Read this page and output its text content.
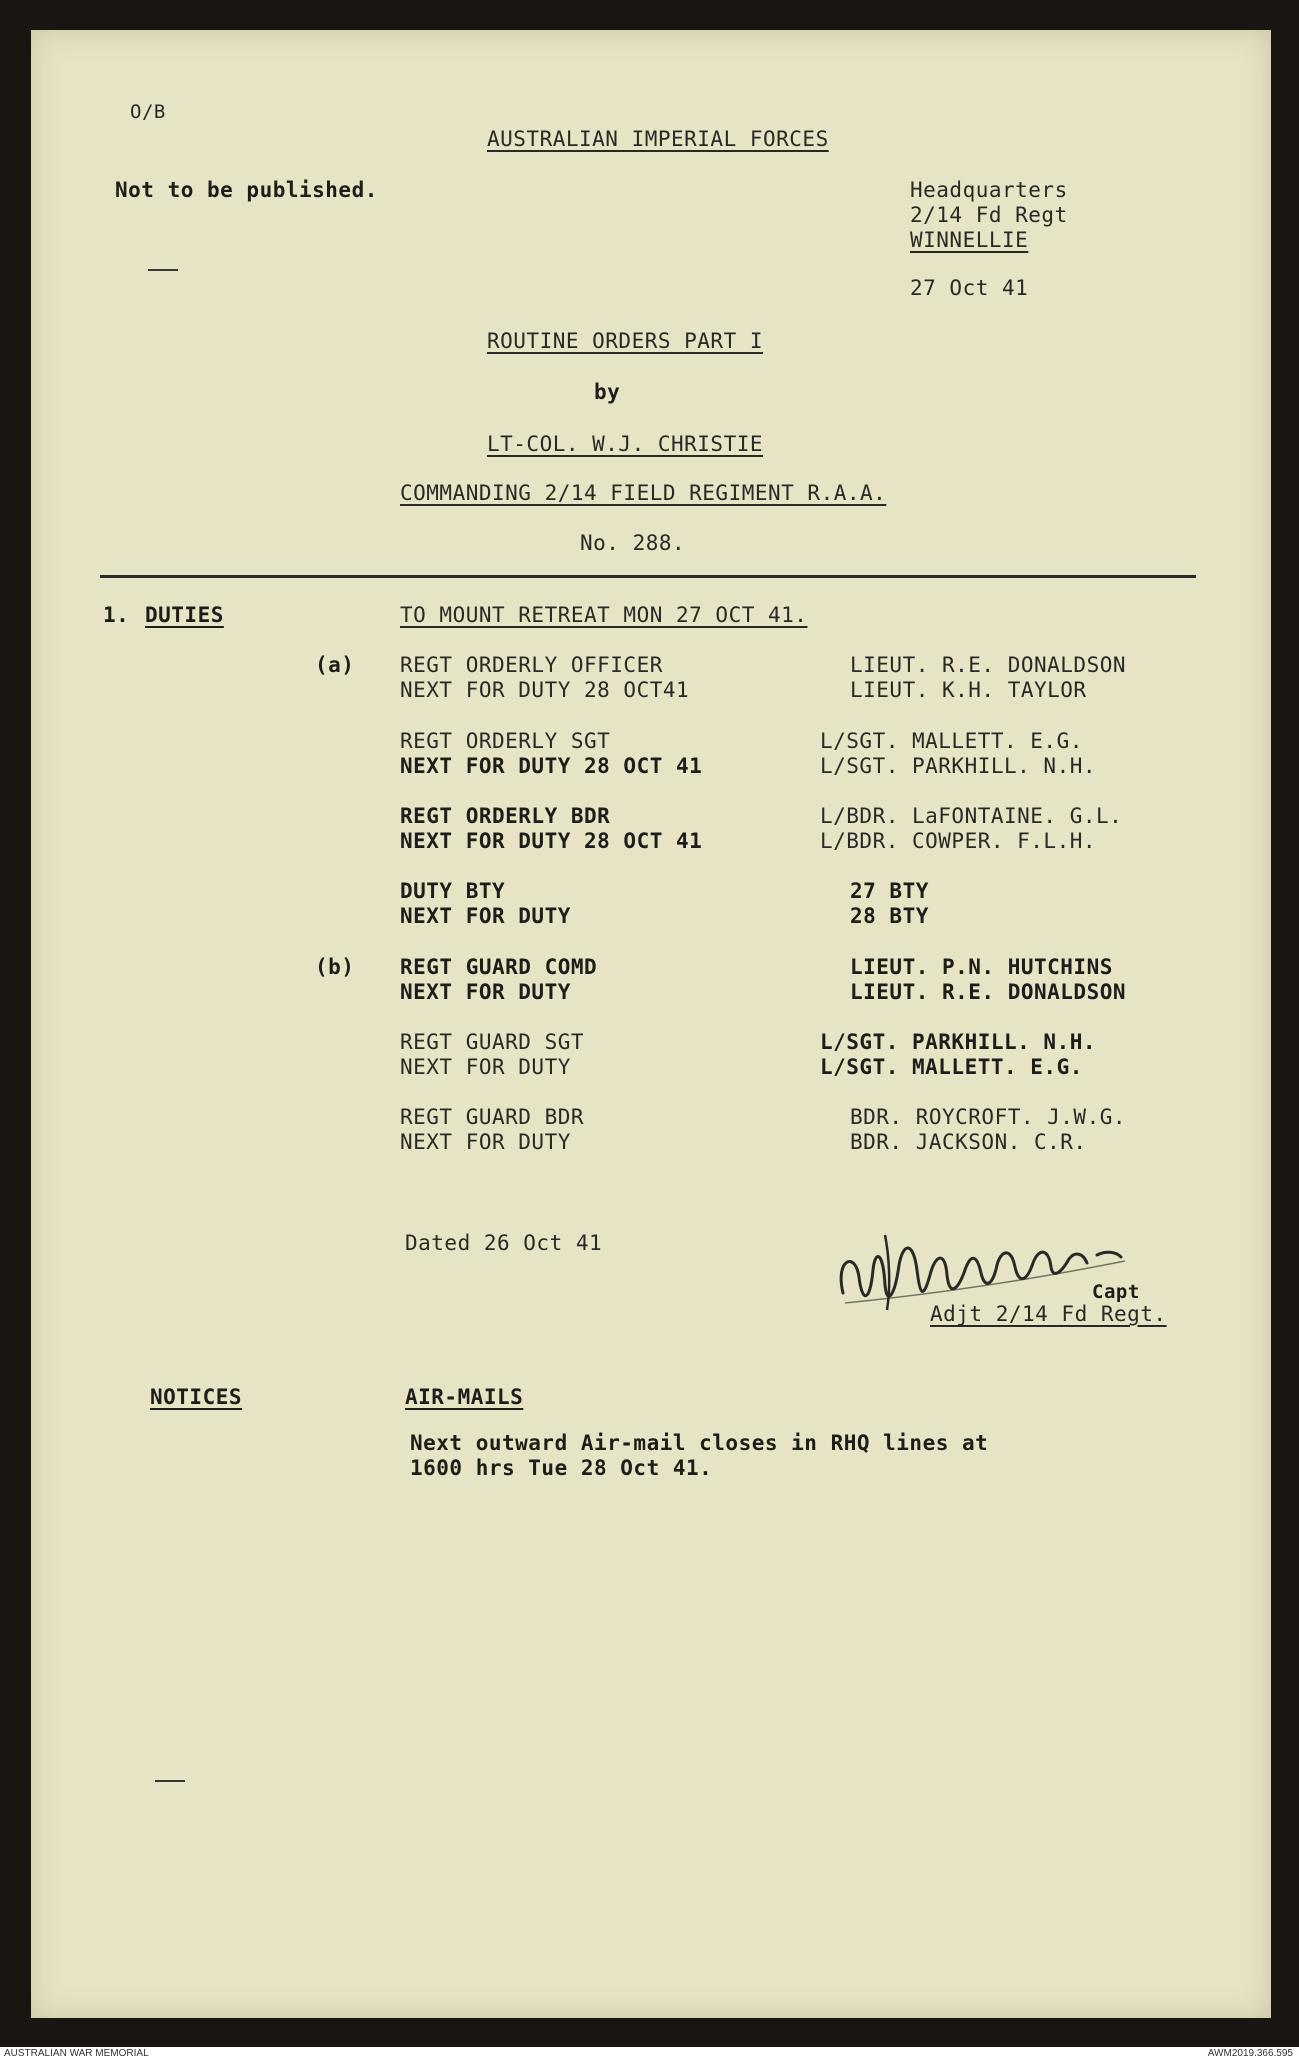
O/B
AUSTRALIAN IMPERIAL FORCES
Not to be published.	Headquarters
2/14 Fd Regt
WINNELLIE
27 Oct 41
ROUTINE ORDERS PART I
by
LT-COL. W.J. CHRISTIE
COMMANDING 2/14 FIELD REGIMENT R.A.A.
No. 288.
1. DUTIES	TO MOUNT RETREAT MON 27 OCT 41.
(a) REGT ORDERLY OFFICER	LIEUT. R.E. DONALDSON
NEXT FOR DUTY 28 OCT41	LIEUT. K.H. TAYLOR
REGT ORDERLY SGT	L/SGT. MALLETT. E.G.
NEXT FOR DUTY 28 OCT 41	L/SGT. PARKHILL. N.H.
REGT ORDERLY BDR	L/BDR. LaFONTAINE. G.L.
NEXT FOR DUTY 28 OCT 41	L/BDR. COWPER. F.L.H.
DUTY BTY	27 BTY
NEXT FOR DUTY	28 BTY
(b) REGT GUARD COMD	LIEUT. P.N. HUTCHINS
NEXT FOR DUTY	LIEUT. R.E. DONALDSON
REGT GUARD SGT	L/SGT. PARKHILL. N.H.
NEXT FOR DUTY	L/SGT. MALLETT. E.G.
REGT GUARD BDR	BDR. ROYCROFT. J.W.G.
NEXT FOR DUTY	BDR. JACKSON. C.R.
Dated 26 Oct 41
Capt
Adjt 2/14 Fd Regt.
NOTICES	AIR-MAILS
Next outward Air-mail closes in RHQ lines at
1600 hrs Tue 28 Oct 41.
AUSTRALIAN WAR MEMORIAL	AWM2019.366.595
